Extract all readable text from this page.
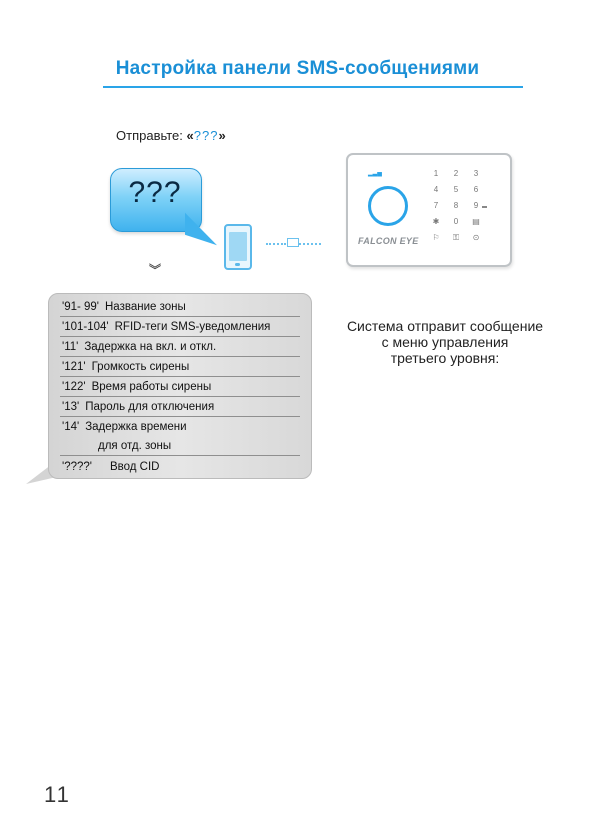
Настройка панели SMS-сообщениями
Отправьте: «???»
???
▂▃▅
FALCON EYE
1	2	3
4	5	6
7	8	9
✱	0	▤
⚐	⚿	⊙
︾
'91- 99' Название зоны
'101-104' RFID-теги SMS-уведомления
'11' Задержка на вкл. и откл.
'121' Громкость сирены
'122' Время работы сирены
'13' Пароль для отключения
'14' Задержка времени
для отд. зоны
'????' Ввод CID
Система отправит сообщение
с меню управления
третьего уровня:
11
